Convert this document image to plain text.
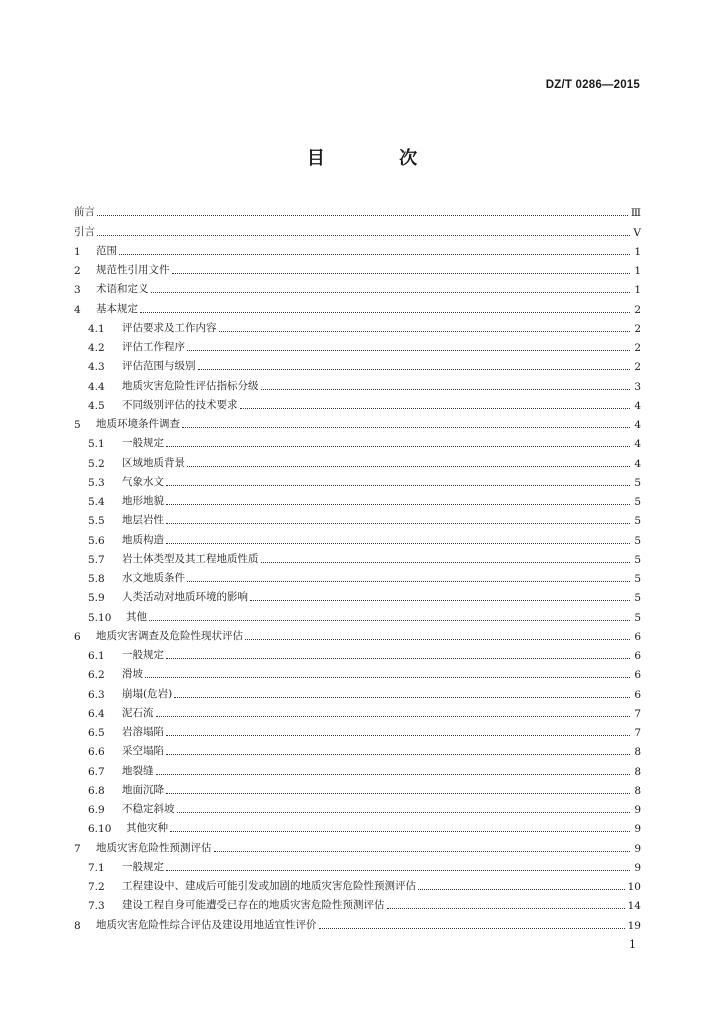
DZ/T 0286—2015
目 次
前言	Ⅲ
引言	Ⅴ
1	范围	1
2	规范性引用文件	1
3	术语和定义	1
4	基本规定	2
4.1	评估要求及工作内容	2
4.2	评估工作程序	2
4.3	评估范围与级别	2
4.4	地质灾害危险性评估指标分级	3
4.5	不同级别评估的技术要求	4
5	地质环境条件调查	4
5.1	一般规定	4
5.2	区域地质背景	4
5.3	气象水文	5
5.4	地形地貌	5
5.5	地层岩性	5
5.6	地质构造	5
5.7	岩土体类型及其工程地质性质	5
5.8	水文地质条件	5
5.9	人类活动对地质环境的影响	5
5.10	其他	5
6	地质灾害调查及危险性现状评估	6
6.1	一般规定	6
6.2	滑坡	6
6.3	崩塌(危岩)	6
6.4	泥石流	7
6.5	岩溶塌陷	7
6.6	采空塌陷	8
6.7	地裂缝	8
6.8	地面沉降	8
6.9	不稳定斜坡	9
6.10	其他灾种	9
7	地质灾害危险性预测评估	9
7.1	一般规定	9
7.2	工程建设中、建成后可能引发或加剧的地质灾害危险性预测评估	10
7.3	建设工程自身可能遭受已存在的地质灾害危险性预测评估	14
8	地质灾害危险性综合评估及建设用地适宜性评价	19
1
